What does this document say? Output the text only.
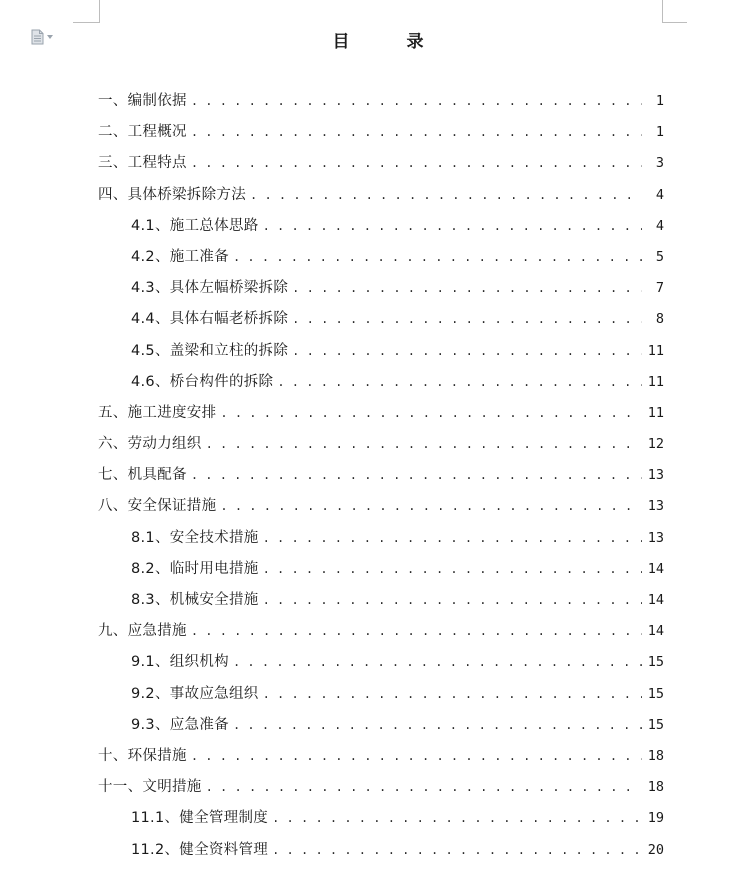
目　录
一、编制依据 . . .	1
二、工程概况 . . .	1
三、工程特点 . . .	3
四、具体桥梁拆除方法 . . .	4
4.1、施工总体思路 . . .	4
4.2、施工准备 . . .	5
4.3、具体左幅桥梁拆除 . . .	7
4.4、具体右幅老桥拆除 . . .	8
4.5、盖梁和立柱的拆除 . . .	11
4.6、桥台构件的拆除 . . .	11
五、施工进度安排 . . .	11
六、劳动力组织 . . .	12
七、机具配备 . . .	13
八、安全保证措施 . . .	13
8.1、安全技术措施 . . .	13
8.2、临时用电措施 . . .	14
8.3、机械安全措施 . . .	14
九、应急措施 . . .	14
9.1、组织机构 . . .	15
9.2、事故应急组织 . . .	15
9.3、应急准备 . . .	15
十、环保措施 . . .	18
十一、文明措施 . . .	18
11.1、健全管理制度 . . .	19
11.2、健全资料管理 . . .	20
